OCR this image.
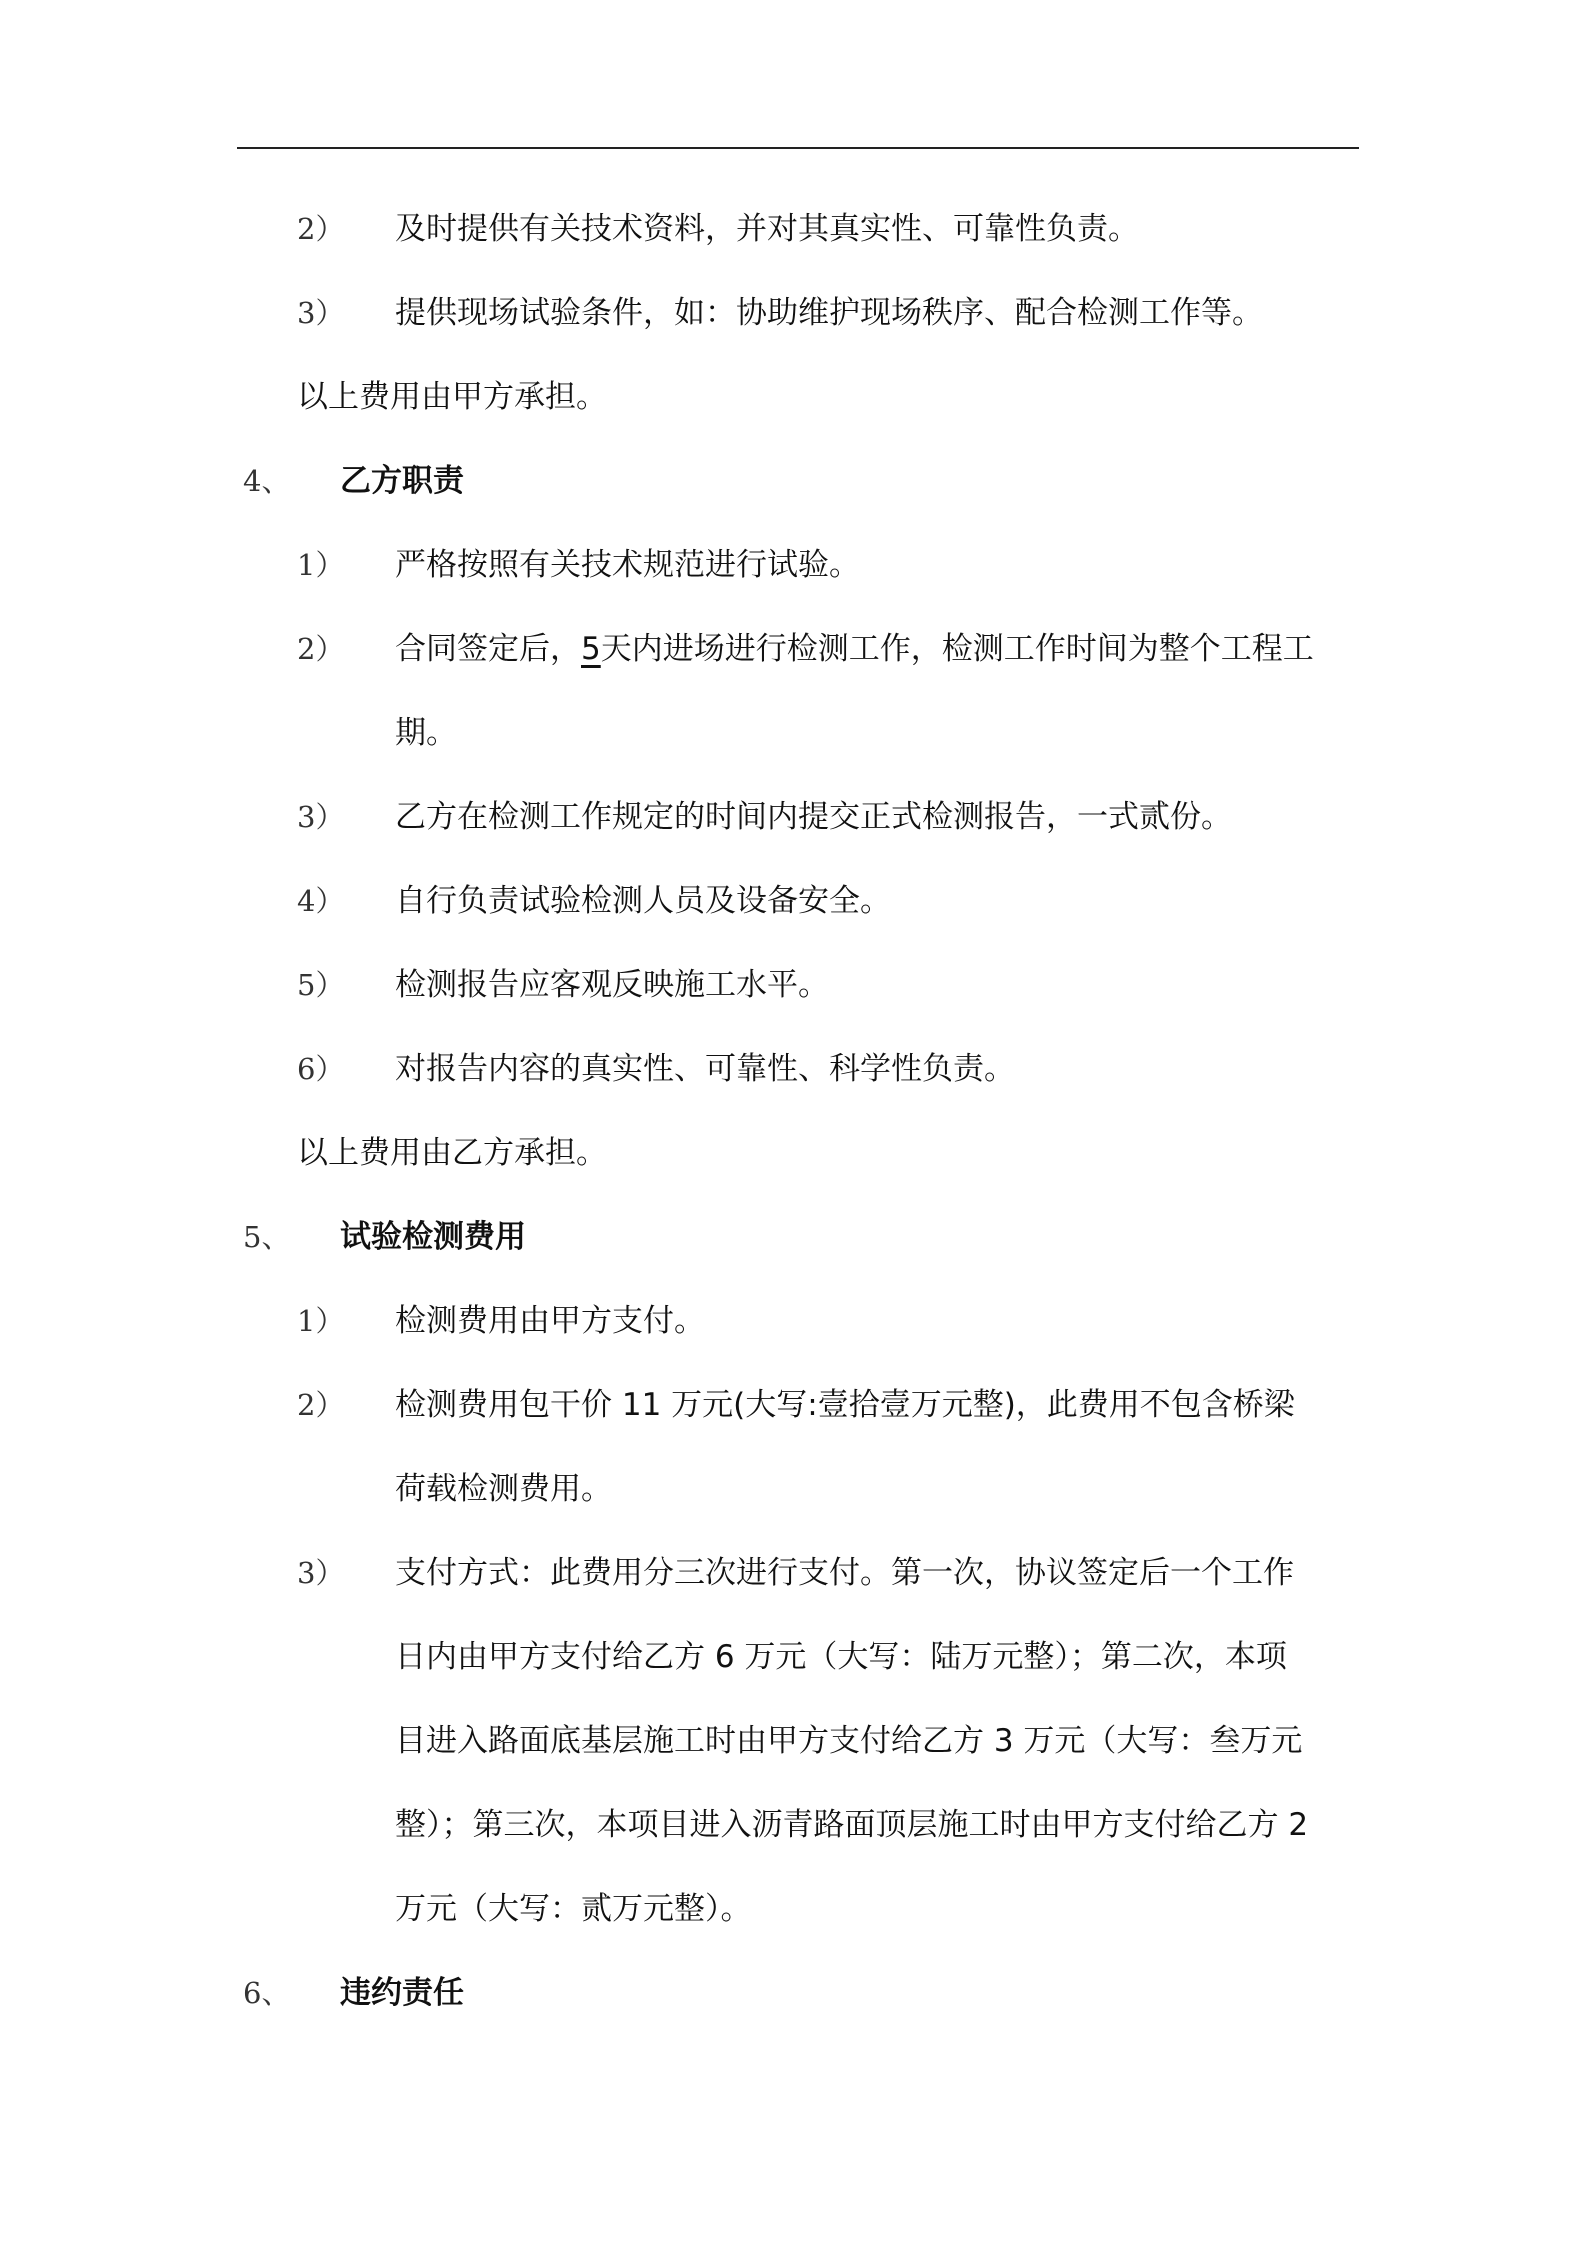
2） 及时提供有关技术资料，并对其真实性、可靠性负责。
3） 提供现场试验条件，如：协助维护现场秩序、配合检测工作等。
以上费用由甲方承担。
4、 乙方职责
1） 严格按照有关技术规范进行试验。
2） 合同签定后，5天内进场进行检测工作，检测工作时间为整个工程工
期。
3） 乙方在检测工作规定的时间内提交正式检测报告，一式贰份。
4） 自行负责试验检测人员及设备安全。
5） 检测报告应客观反映施工水平。
6） 对报告内容的真实性、可靠性、科学性负责。
以上费用由乙方承担。
5、 试验检测费用
1） 检测费用由甲方支付。
2） 检测费用包干价 11 万元(大写:壹拾壹万元整)，此费用不包含桥梁
荷载检测费用。
3） 支付方式：此费用分三次进行支付。第一次，协议签定后一个工作
日内由甲方支付给乙方 6 万元（大写：陆万元整）；第二次，本项
目进入路面底基层施工时由甲方支付给乙方 3 万元（大写：叁万元
整）；第三次，本项目进入沥青路面顶层施工时由甲方支付给乙方 2
万元（大写：贰万元整）。
6、 违约责任
